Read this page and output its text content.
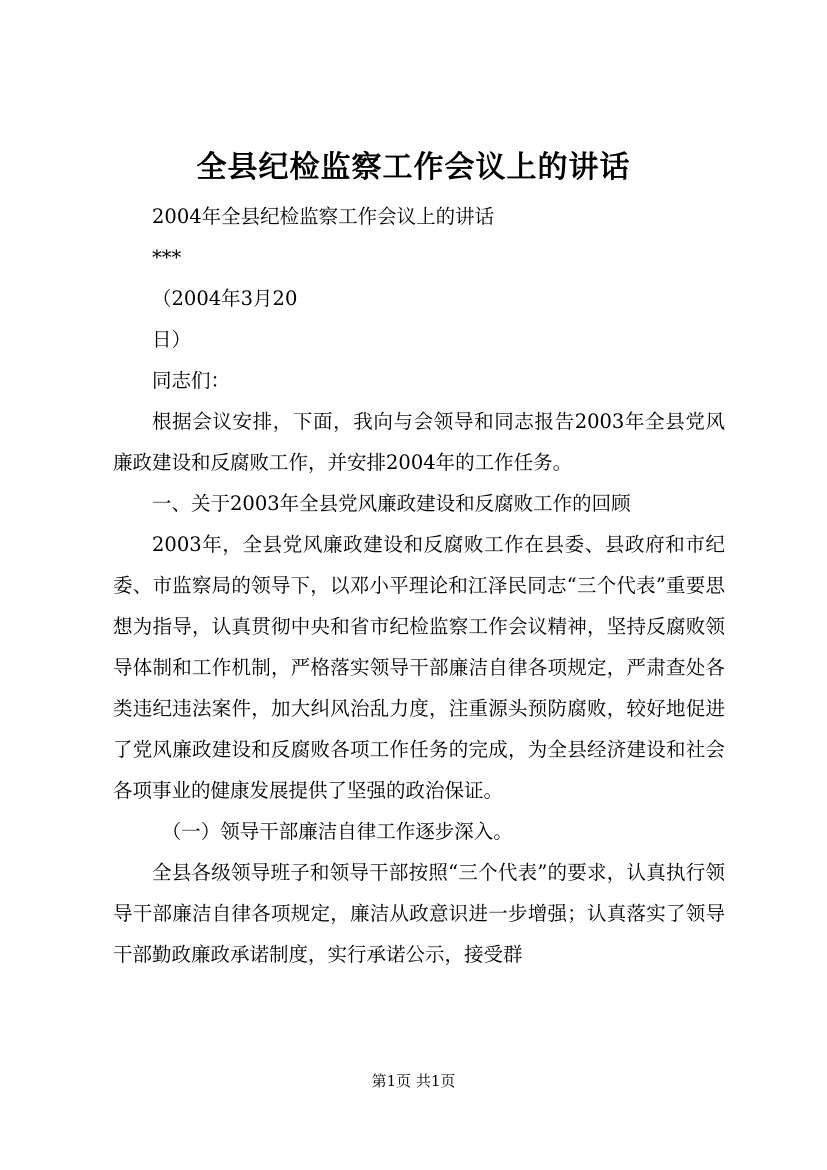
全县纪检监察工作会议上的讲话

2004年全县纪检监察工作会议上的讲话

***

（2004年3月20

日）

同志们：

根据会议安排，下面，我向与会领导和同志报告2003年全县党风廉政建设和反腐败工作，并安排2004年的工作任务。

一、关于2003年全县党风廉政建设和反腐败工作的回顾

2003年，全县党风廉政建设和反腐败工作在县委、县政府和市纪委、市监察局的领导下，以邓小平理论和江泽民同志“三个代表”重要思想为指导，认真贯彻中央和省市纪检监察工作会议精神，坚持反腐败领导体制和工作机制，严格落实领导干部廉洁自律各项规定，严肃查处各类违纪违法案件，加大纠风治乱力度，注重源头预防腐败，较好地促进了党风廉政建设和反腐败各项工作任务的完成，为全县经济建设和社会各项事业的健康发展提供了坚强的政治保证。

（一）领导干部廉洁自律工作逐步深入。

全县各级领导班子和领导干部按照“三个代表”的要求，认真执行领导干部廉洁自律各项规定，廉洁从政意识进一步增强；认真落实了领导干部勤政廉政承诺制度，实行承诺公示，接受群

第1页 共1页
